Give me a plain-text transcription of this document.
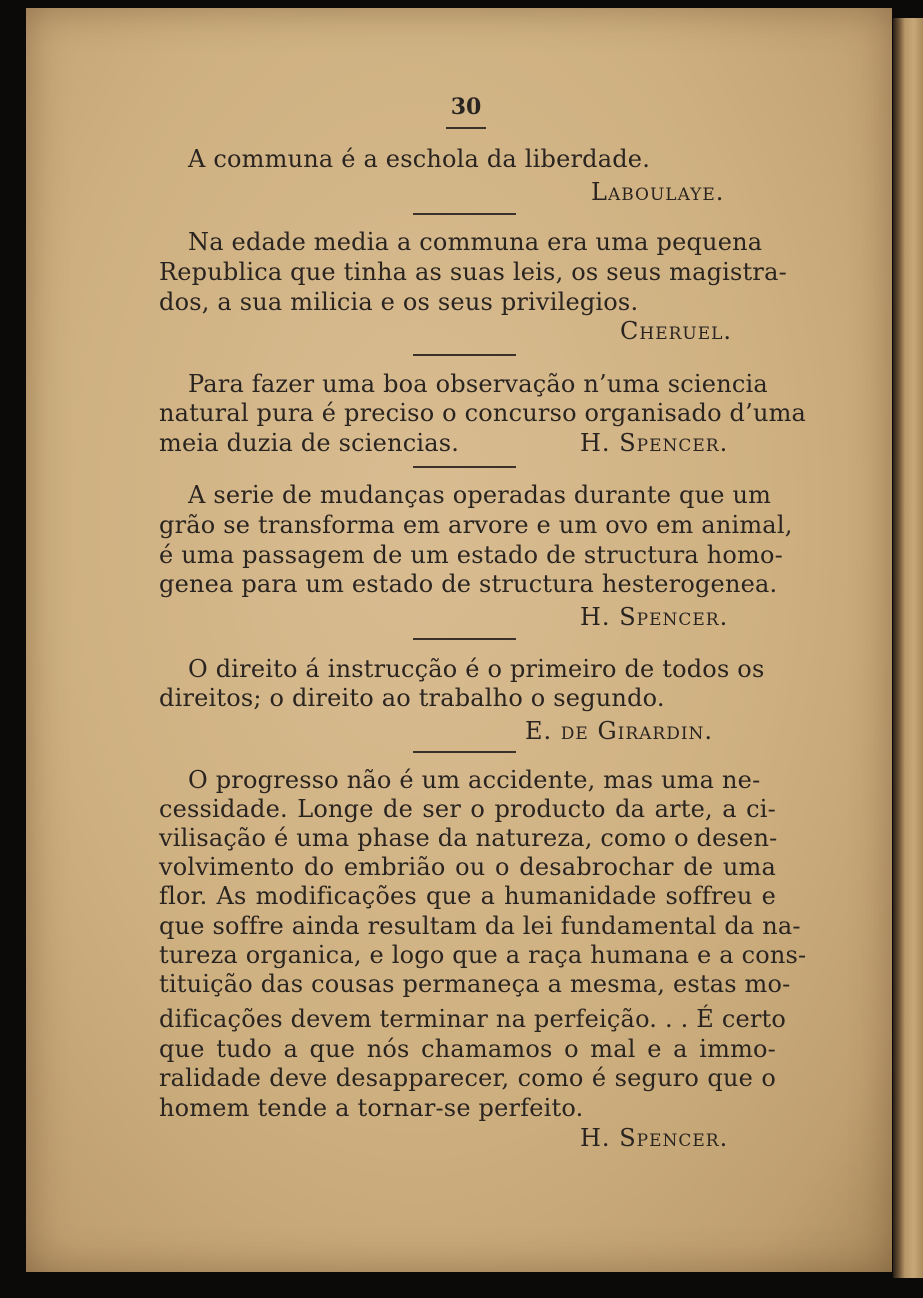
30
A communa é a eschola da liberdade.
Laboulaye.
Na edade media a communa era uma pequena
Republica que tinha as suas leis, os seus magistra-
dos, a sua milicia e os seus privilegios.
Cheruel.
Para fazer uma boa observação n’uma sciencia
natural pura é preciso o concurso organisado d’uma
meia duzia de sciencias.	H. Spencer.
A serie de mudanças operadas durante que um
grão se transforma em arvore e um ovo em animal,
é uma passagem de um estado de structura homo-
genea para um estado de structura hesterogenea.
H. Spencer.
O direito á instrucção é o primeiro de todos os
direitos; o direito ao trabalho o segundo.
E. de Girardin.
O progresso não é um accidente, mas uma ne-
cessidade. Longe de ser o producto da arte, a ci-
vilisação é uma phase da natureza, como o desen-
volvimento do embrião ou o desabrochar de uma
flor. As modificações que a humanidade soffreu e
que soffre ainda resultam da lei fundamental da na-
tureza organica, e logo que a raça humana e a cons-
tituição das cousas permaneça a mesma, estas mo-
dificações devem terminar na perfeição. . . É certo
que tudo a que nós chamamos o mal e a immo-
ralidade deve desapparecer, como é seguro que o
homem tende a tornar-se perfeito.
H. Spencer.
